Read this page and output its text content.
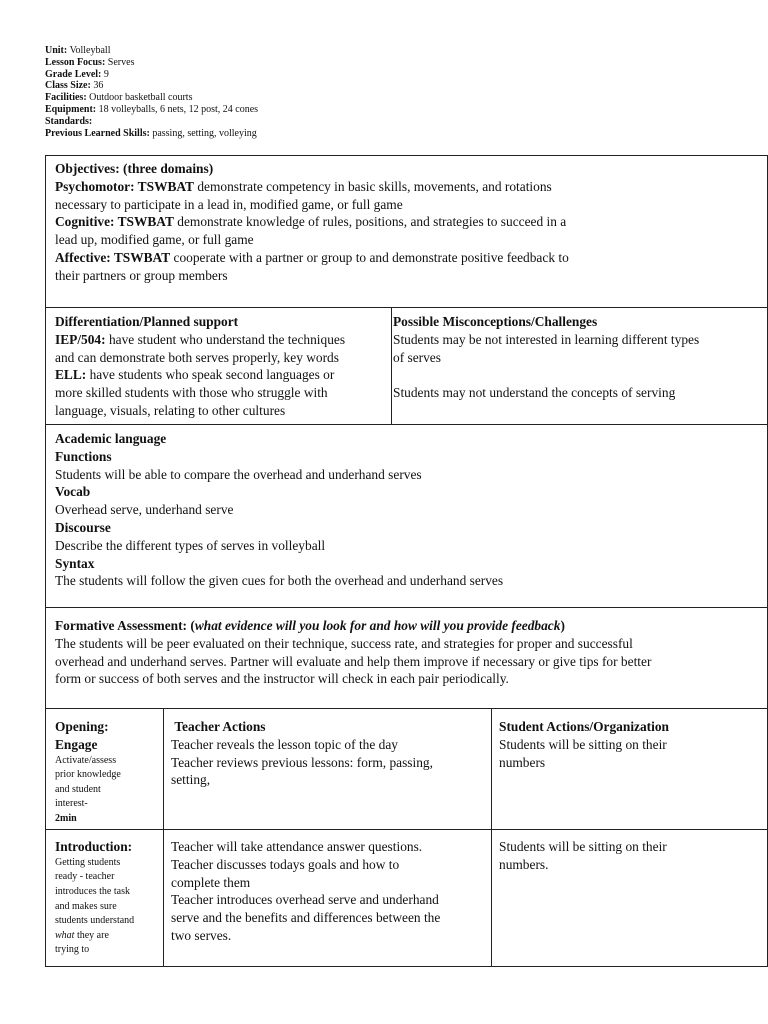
Unit: Volleyball
Lesson Focus: Serves
Grade Level: 9
Class Size: 36
Facilities: Outdoor basketball courts
Equipment: 18 volleyballs, 6 nets, 12 post, 24 cones
Standards:
Previous Learned Skills: passing, setting, volleying
Objectives: (three domains)
Psychomotor: TSWBAT demonstrate competency in basic skills, movements, and rotations
necessary to participate in a lead in, modified game, or full game
Cognitive: TSWBAT demonstrate knowledge of rules, positions, and strategies to succeed in a
lead up, modified game, or full game
Affective: TSWBAT cooperate with a partner or group to and demonstrate positive feedback to
their partners or group members
Differentiation/Planned support
IEP/504: have student who understand the techniques
and can demonstrate both serves properly, key words
ELL: have students who speak second languages or
more skilled students with those who struggle with
language, visuals, relating to other cultures
Possible Misconceptions/Challenges
Students may be not interested in learning different types
of serves
Students may not understand the concepts of serving
Academic language
Functions
Students will be able to compare the overhead and underhand serves
Vocab
Overhead serve, underhand serve
Discourse
Describe the different types of serves in volleyball
Syntax
The students will follow the given cues for both the overhead and underhand serves
Formative Assessment: (what evidence will you look for and how will you provide feedback)
The students will be peer evaluated on their technique, success rate, and strategies for proper and successful
overhead and underhand serves. Partner will evaluate and help them improve if necessary or give tips for better
form or success of both serves and the instructor will check in each pair periodically.
Opening:
Engage
Activate/assess
prior knowledge
and student
interest-
2min
Teacher Actions
Teacher reveals the lesson topic of the day
Teacher reviews previous lessons: form, passing,
setting,
Student Actions/Organization
Students will be sitting on their
numbers
Introduction:
Getting students
ready - teacher
introduces the task
and makes sure
students understand
what they are
trying to
Teacher will take attendance answer questions.
Teacher discusses todays goals and how to
complete them
Teacher introduces overhead serve and underhand
serve and the benefits and differences between the
two serves.
Students will be sitting on their
numbers.
